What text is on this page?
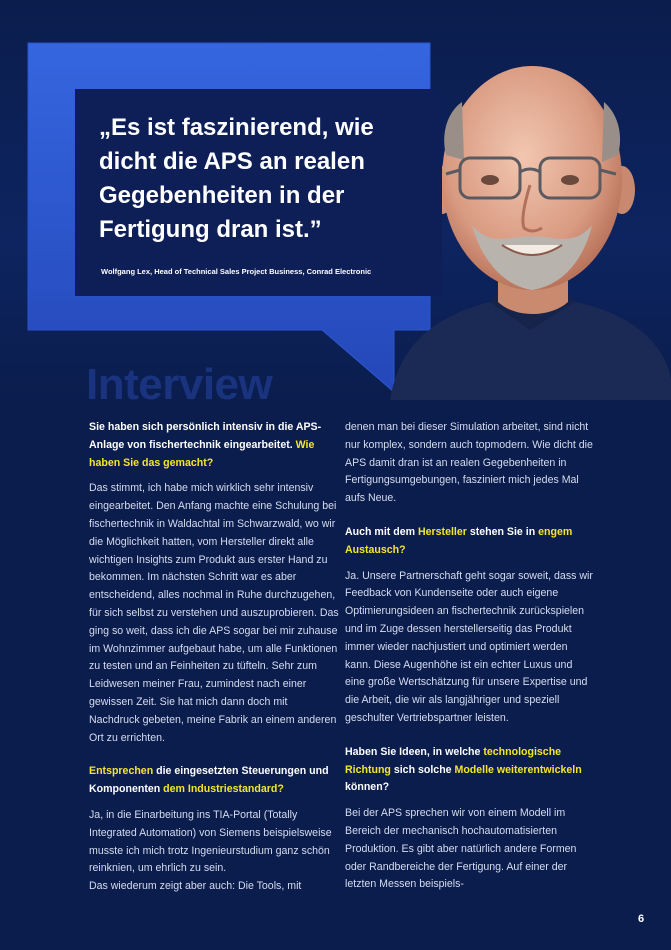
„Es ist faszinierend, wie
dicht die APS an realen
Gegebenheiten in der
Fertigung dran ist.”
Wolfgang Lex, Head of Technical Sales Project Business, Conrad Electronic
Interview

Sie haben sich persönlich intensiv in die APS-Anlage von fischertechnik eingearbeitet. Wie haben Sie das gemacht?

Das stimmt, ich habe mich wirklich sehr intensiv eingearbeitet. Den Anfang machte eine Schulung bei fischertechnik in Waldachtal im Schwarzwald, wo wir die Möglichkeit hatten, vom Hersteller direkt alle wichtigen Insights zum Produkt aus erster Hand zu bekommen. Im nächsten Schritt war es aber entscheidend, alles nochmal in Ruhe durchzugehen, für sich selbst zu verstehen und auszuprobieren. Das ging so weit, dass ich die APS sogar bei mir zuhause im Wohnzimmer aufgebaut habe, um alle Funktionen zu testen und an Feinheiten zu tüfteln. Sehr zum Leidwesen meiner Frau, zumindest nach einer gewissen Zeit. Sie hat mich dann doch mit Nachdruck gebeten, meine Fabrik an einem anderen Ort zu errichten.

Entsprechen die eingesetzten Steuerungen und Komponenten dem Industriestandard?

Ja, in die Einarbeitung ins TIA-Portal (Totally Integrated Automation) von Siemens beispielsweise musste ich mich trotz Ingenieurstudium ganz schön reinknien, um ehrlich zu sein.

Das wiederum zeigt aber auch: Die Tools, mit

denen man bei dieser Simulation arbeitet, sind nicht nur komplex, sondern auch topmodern. Wie dicht die APS damit dran ist an realen Gegebenheiten in Fertigungsumgebungen, fasziniert mich jedes Mal aufs Neue.

Auch mit dem Hersteller stehen Sie in engem Austausch?

Ja. Unsere Partnerschaft geht sogar soweit, dass wir Feedback von Kundenseite oder auch eigene Optimierungsideen an fischertechnik zurückspielen und im Zuge dessen herstellerseitig das Produkt immer wieder nachjustiert und optimiert werden kann. Diese Augenhöhe ist ein echter Luxus und eine große Wertschätzung für unsere Expertise und die Arbeit, die wir als langjähriger und speziell geschulter Vertriebspartner leisten.

Haben Sie Ideen, in welche technologische Richtung sich solche Modelle weiterentwickeln können?

Bei der APS sprechen wir von einem Modell im Bereich der mechanisch hochautomatisierten Produktion. Es gibt aber natürlich andere Formen oder Randbereiche der Fertigung. Auf einer der letzten Messen beispiels-

6
